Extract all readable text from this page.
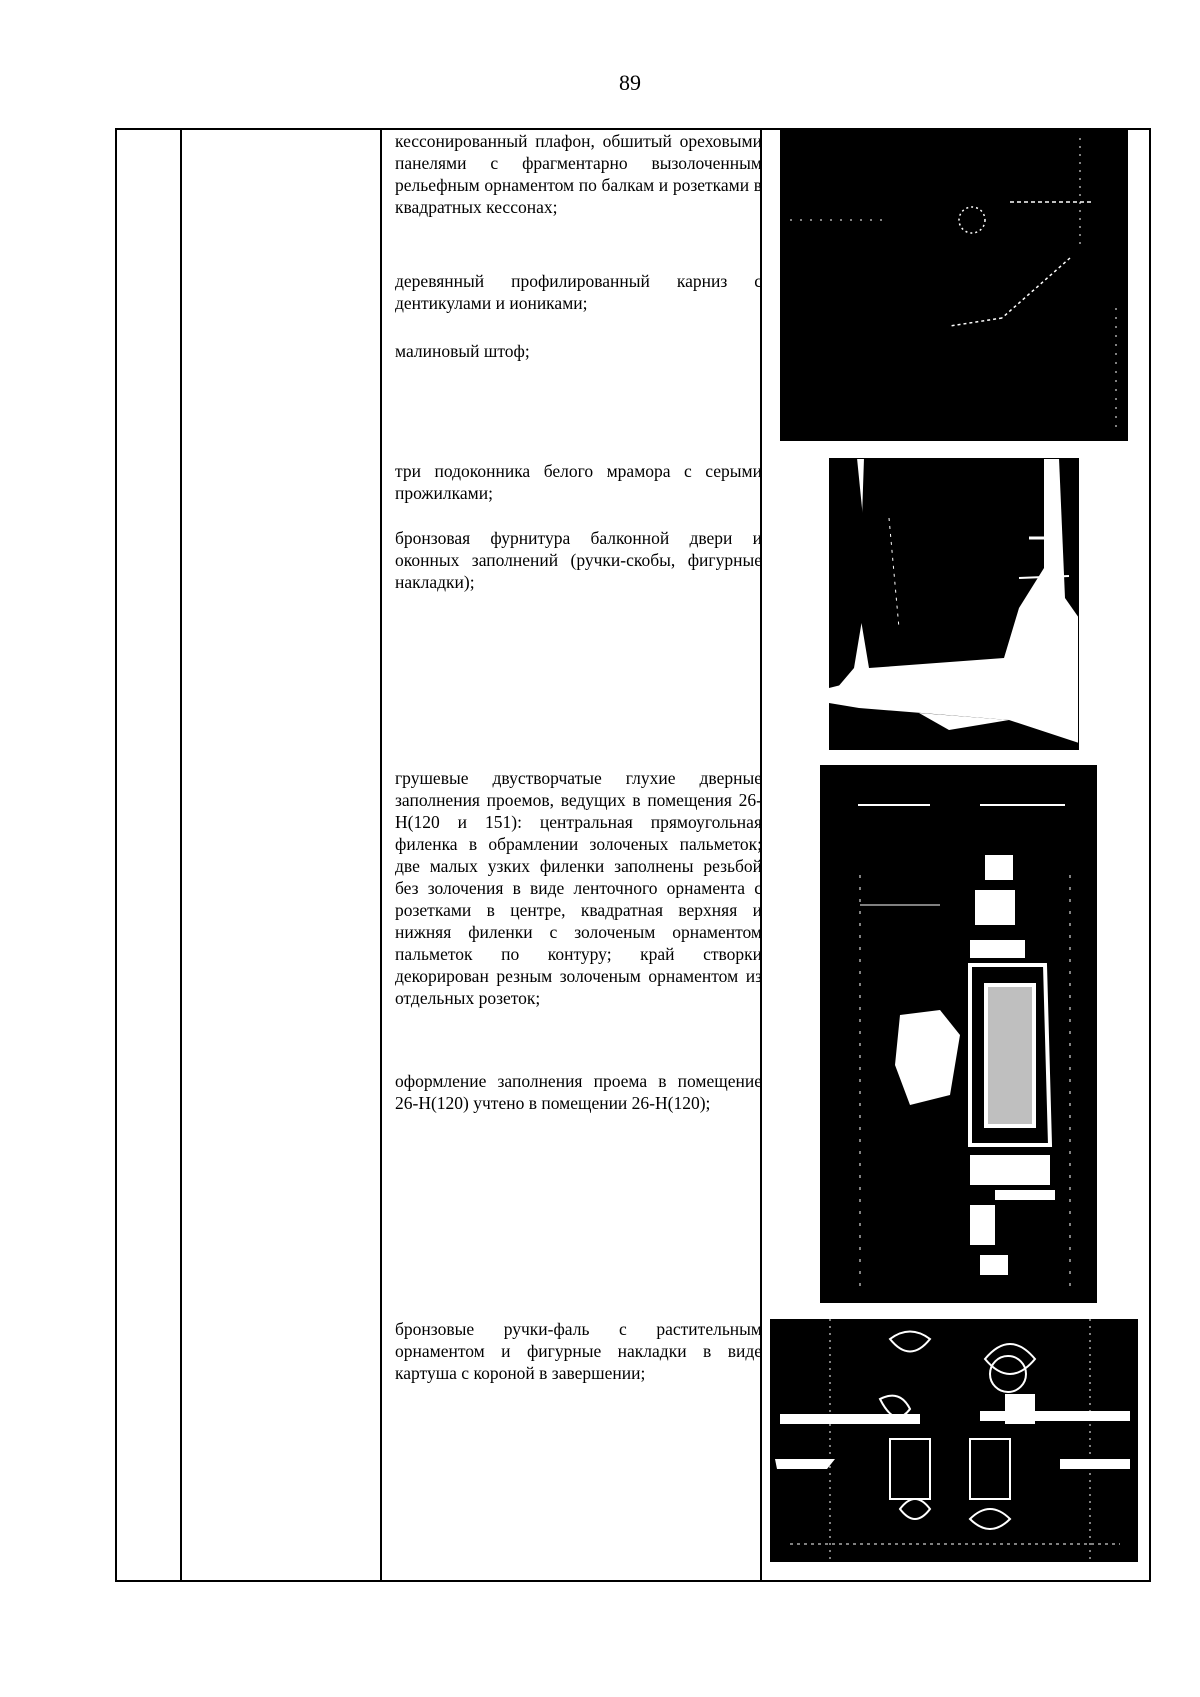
89
кессонированный плафон, обшитый ореховыми панелями с фрагментарно вызолоченным рельефным орнаментом по балкам и розетками в квадратных кессонах;
деревянный профилированный карниз с дентикулами и иониками;
малиновый штоф;
три подоконника белого мрамора с серыми прожилками;
бронзовая фурнитура балконной двери и оконных заполнений (ручки-скобы, фигурные накладки);
грушевые двустворчатые глухие дверные заполнения проемов, ведущих в помещения 26-Н(120 и 151): центральная прямоугольная филенка в обрамлении золоченых пальметок; две малых узких филенки заполнены резьбой без золочения в виде ленточного орнамента с розетками в центре, квадратная верхняя и нижняя филенки с золоченым орнаментом пальметок по контуру; край створки декорирован резным золоченым орнаментом из отдельных розеток;
оформление заполнения проема в помещение 26-Н(120) учтено в помещении 26-Н(120);
бронзовые ручки-фаль с растительным орнаментом и фигурные накладки в виде картуша с короной в завершении;
